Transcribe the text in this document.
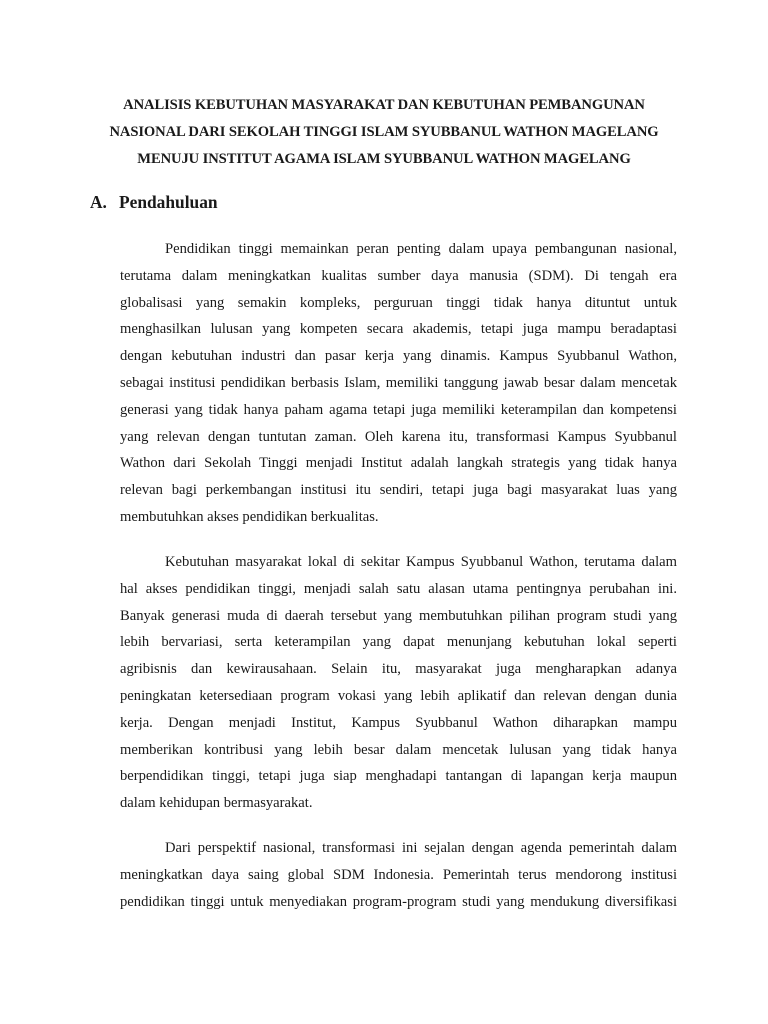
ANALISIS KEBUTUHAN MASYARAKAT DAN KEBUTUHAN PEMBANGUNAN
NASIONAL DARI SEKOLAH TINGGI ISLAM SYUBBANUL WATHON MAGELANG
MENUJU INSTITUT AGAMA ISLAM SYUBBANUL WATHON MAGELANG
A. Pendahuluan
Pendidikan tinggi memainkan peran penting dalam upaya pembangunan nasional,
terutama dalam meningkatkan kualitas sumber daya manusia (SDM). Di tengah era
globalisasi yang semakin kompleks, perguruan tinggi tidak hanya dituntut untuk
menghasilkan lulusan yang kompeten secara akademis, tetapi juga mampu beradaptasi
dengan kebutuhan industri dan pasar kerja yang dinamis. Kampus Syubbanul Wathon,
sebagai institusi pendidikan berbasis Islam, memiliki tanggung jawab besar dalam mencetak
generasi yang tidak hanya paham agama tetapi juga memiliki keterampilan dan kompetensi
yang relevan dengan tuntutan zaman. Oleh karena itu, transformasi Kampus Syubbanul
Wathon dari Sekolah Tinggi menjadi Institut adalah langkah strategis yang tidak hanya
relevan bagi perkembangan institusi itu sendiri, tetapi juga bagi masyarakat luas yang
membutuhkan akses pendidikan berkualitas.
Kebutuhan masyarakat lokal di sekitar Kampus Syubbanul Wathon, terutama dalam
hal akses pendidikan tinggi, menjadi salah satu alasan utama pentingnya perubahan ini.
Banyak generasi muda di daerah tersebut yang membutuhkan pilihan program studi yang
lebih bervariasi, serta keterampilan yang dapat menunjang kebutuhan lokal seperti
agribisnis dan kewirausahaan. Selain itu, masyarakat juga mengharapkan adanya
peningkatan ketersediaan program vokasi yang lebih aplikatif dan relevan dengan dunia
kerja. Dengan menjadi Institut, Kampus Syubbanul Wathon diharapkan mampu
memberikan kontribusi yang lebih besar dalam mencetak lulusan yang tidak hanya
berpendidikan tinggi, tetapi juga siap menghadapi tantangan di lapangan kerja maupun
dalam kehidupan bermasyarakat.
Dari perspektif nasional, transformasi ini sejalan dengan agenda pemerintah dalam
meningkatkan daya saing global SDM Indonesia. Pemerintah terus mendorong institusi
pendidikan tinggi untuk menyediakan program-program studi yang mendukung diversifikasi
